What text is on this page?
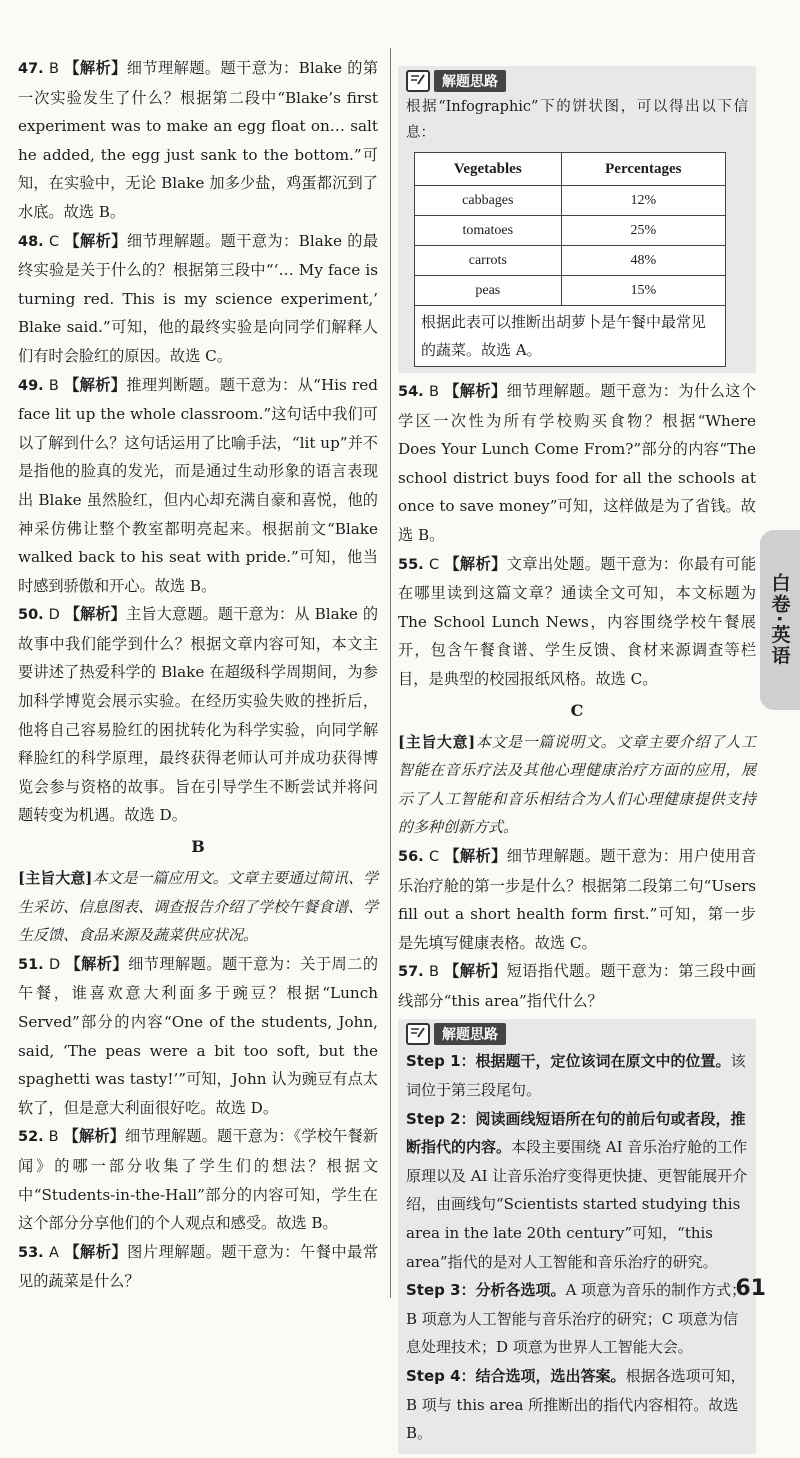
47. B 【解析】细节理解题。题干意为：Blake 的第一次实验发生了什么？根据第二段中“Blake’s first experiment was to make an egg float on… salt he added, the egg just sank to the bottom.”可知，在实验中，无论 Blake 加多少盐，鸡蛋都沉到了水底。故选 B。

48. C 【解析】细节理解题。题干意为：Blake 的最终实验是关于什么的？根据第三段中“‘… My face is turning red. This is my science experiment,’ Blake said.”可知，他的最终实验是向同学们解释人们有时会脸红的原因。故选 C。

49. B 【解析】推理判断题。题干意为：从“His red face lit up the whole classroom.”这句话中我们可以了解到什么？这句话运用了比喻手法，“lit up”并不是指他的脸真的发光，而是通过生动形象的语言表现出 Blake 虽然脸红，但内心却充满自豪和喜悦，他的神采仿佛让整个教室都明亮起来。根据前文“Blake walked back to his seat with pride.”可知，他当时感到骄傲和开心。故选 B。

50. D 【解析】主旨大意题。题干意为：从 Blake 的故事中我们能学到什么？根据文章内容可知，本文主要讲述了热爱科学的 Blake 在超级科学周期间，为参加科学博览会展示实验。在经历实验失败的挫折后，他将自己容易脸红的困扰转化为科学实验，向同学解释脸红的科学原理，最终获得老师认可并成功获得博览会参与资格的故事。旨在引导学生不断尝试并将问题转变为机遇。故选 D。

B

[主旨大意]本文是一篇应用文。文章主要通过简讯、学生采访、信息图表、调查报告介绍了学校午餐食谱、学生反馈、食品来源及蔬菜供应状况。

51. D 【解析】细节理解题。题干意为：关于周二的午餐，谁喜欢意大利面多于豌豆？根据“Lunch Served”部分的内容“One of the students, John, said, ‘The peas were a bit too soft, but the spaghetti was tasty!’”可知，John 认为豌豆有点太软了，但是意大利面很好吃。故选 D。

52. B 【解析】细节理解题。题干意为：《学校午餐新闻》的哪一部分收集了学生们的想法？根据文中“Students-in-the-Hall”部分的内容可知，学生在这个部分分享他们的个人观点和感受。故选 B。

53. A 【解析】图片理解题。题干意为：午餐中最常见的蔬菜是什么？

解题思路

根据“Infographic”下的饼状图，可以得出以下信息：

Vegetables	Percentages
cabbages	12%
tomatoes	25%
carrots	48%
peas	15%
根据此表可以推断出胡萝卜是午餐中最常见的蔬菜。故选 A。

54. B 【解析】细节理解题。题干意为：为什么这个学区一次性为所有学校购买食物？根据“Where Does Your Lunch Come From?”部分的内容“The school district buys food for all the schools at once to save money”可知，这样做是为了省钱。故选 B。

55. C 【解析】文章出处题。题干意为：你最有可能在哪里读到这篇文章？通读全文可知，本文标题为 The School Lunch News，内容围绕学校午餐展开，包含午餐食谱、学生反馈、食材来源调查等栏目，是典型的校园报纸风格。故选 C。

C

[主旨大意]本文是一篇说明文。文章主要介绍了人工智能在音乐疗法及其他心理健康治疗方面的应用，展示了人工智能和音乐相结合为人们心理健康提供支持的多种创新方式。

56. C 【解析】细节理解题。题干意为：用户使用音乐治疗舱的第一步是什么？根据第二段第二句“Users fill out a short health form first.”可知，第一步是先填写健康表格。故选 C。

57. B 【解析】短语指代题。题干意为：第三段中画线部分“this area”指代什么？

解题思路

Step 1：根据题干，定位该词在原文中的位置。该词位于第三段尾句。

Step 2：阅读画线短语所在句的前后句或者段，推断指代的内容。本段主要围绕 AI 音乐治疗舱的工作原理以及 AI 让音乐治疗变得更快捷、更智能展开介绍，由画线句“Scientists started studying this area in the late 20th century”可知，“this area”指代的是对人工智能和音乐治疗的研究。

Step 3：分析各选项。A 项意为音乐的制作方式；B 项意为人工智能与音乐治疗的研究；C 项意为信息处理技术；D 项意为世界人工智能大会。

Step 4：结合选项，选出答案。根据各选项可知，B 项与 this area 所推断出的指代内容相符。故选 B。

白卷·英语
61
